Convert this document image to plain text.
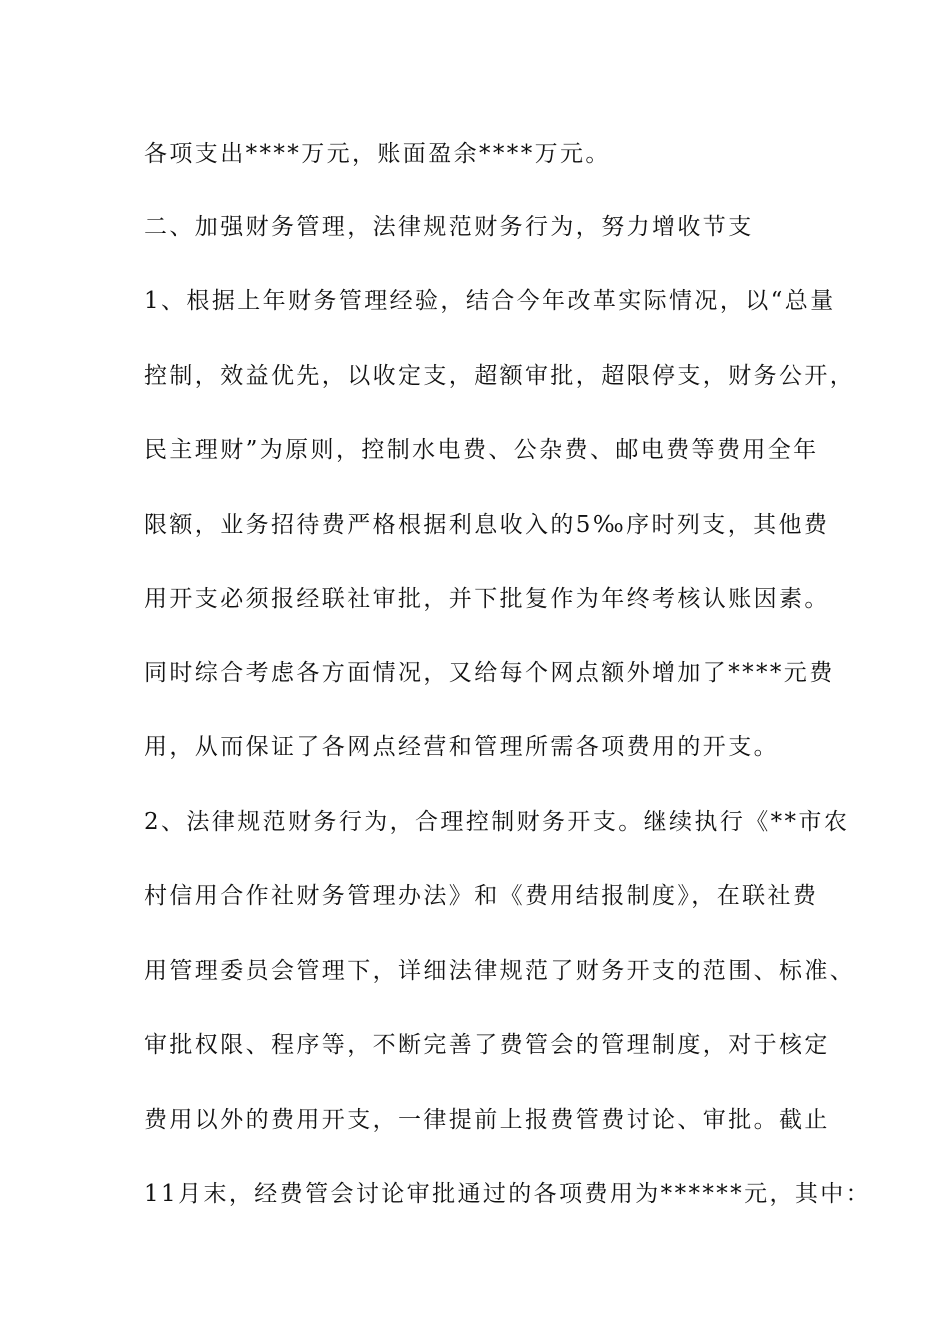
各项支出****万元，账面盈余****万元。
二、加强财务管理，法律规范财务行为，努力增收节支
1、根据上年财务管理经验，结合今年改革实际情况，以“总量
控制，效益优先，以收定支，超额审批，超限停支，财务公开，
民主理财”为原则，控制水电费、公杂费、邮电费等费用全年
限额，业务招待费严格根据利息收入的5‰序时列支，其他费
用开支必须报经联社审批，并下批复作为年终考核认账因素。
同时综合考虑各方面情况，又给每个网点额外增加了****元费
用，从而保证了各网点经营和管理所需各项费用的开支。
2、法律规范财务行为，合理控制财务开支。继续执行《**市农
村信用合作社财务管理办法》和《费用结报制度》，在联社费
用管理委员会管理下，详细法律规范了财务开支的范围、标准、
审批权限、程序等，不断完善了费管会的管理制度，对于核定
费用以外的费用开支，一律提前上报费管费讨论、审批。截止
11月末，经费管会讨论审批通过的各项费用为******元，其中：
